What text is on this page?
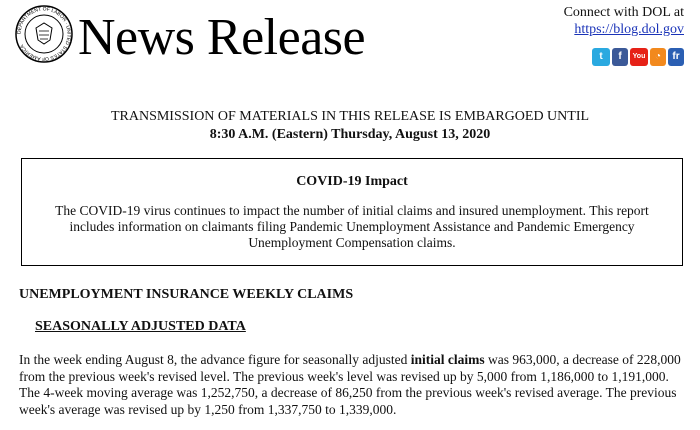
DEPARTMENT OF LABOR · UNITED STATES OF AMERICA News Release	Connect with DOL at
https://blog.dol.gov
t	f	You ◔	fr
TRANSMISSION OF MATERIALS IN THIS RELEASE IS EMBARGOED UNTIL
8:30 A.M. (Eastern) Thursday, August 13, 2020
COVID-19 Impact
The COVID-19 virus continues to impact the number of initial claims and insured unemployment. This report includes information on claimants filing Pandemic Unemployment Assistance and Pandemic Emergency Unemployment Compensation claims.
UNEMPLOYMENT INSURANCE WEEKLY CLAIMS
SEASONALLY ADJUSTED DATA
In the week ending August 8, the advance figure for seasonally adjusted initial claims was 963,000, a decrease of 228,000 from the previous week's revised level. The previous week's level was revised up by 5,000 from 1,186,000 to 1,191,000. The 4-week moving average was 1,252,750, a decrease of 86,250 from the previous week's revised average. The previous week's average was revised up by 1,250 from 1,337,750 to 1,339,000.
